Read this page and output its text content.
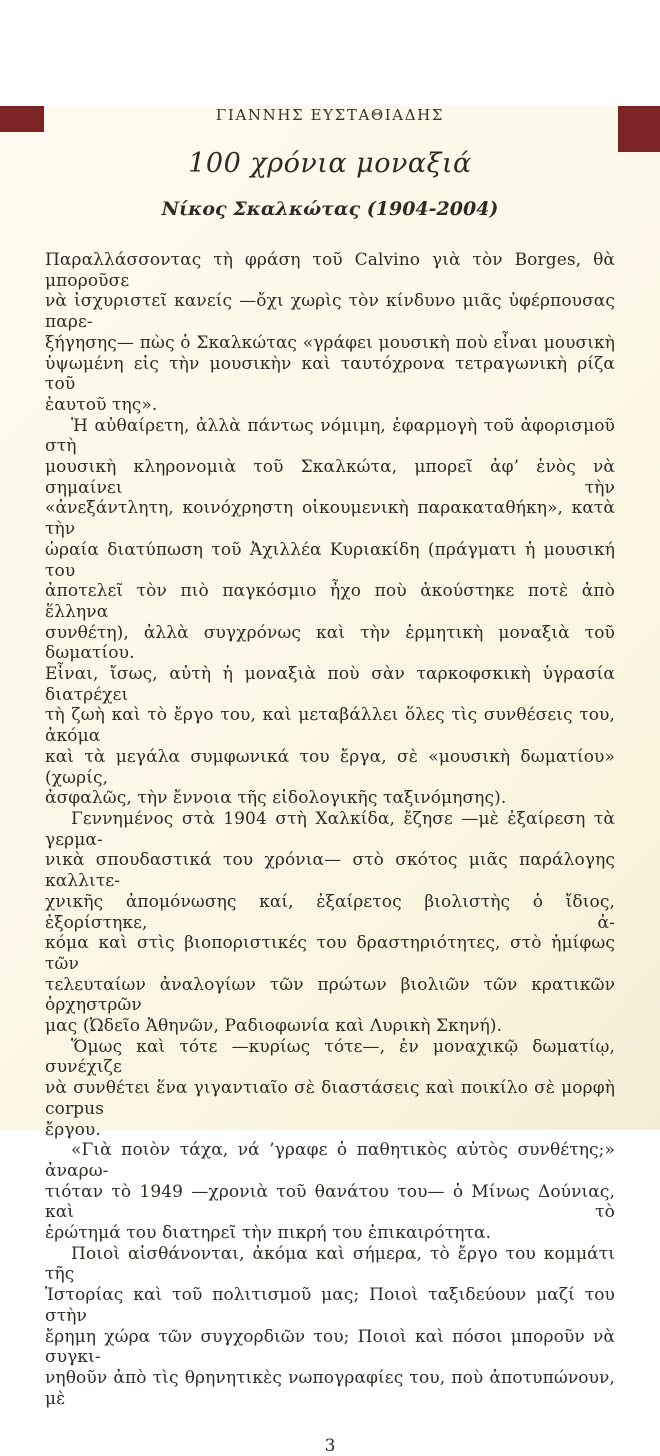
ΓΙΑΝΝΗΣ ΕΥΣΤΑΘΙΑΔΗΣ
100 χρόνια μοναξιά
Νίκος Σκαλκώτας (1904-2004)
Παραλλάσσοντας τὴ φράση τοῦ Calvino γιὰ τὸν Borges, θὰ μποροῦσε
νὰ ἰσχυριστεῖ κανείς —ὄχι χωρὶς τὸν κίνδυνο μιᾶς ὑφέρπουσας παρε-
ξήγησης— πὼς ὁ Σκαλκώτας «γράφει μουσικὴ ποὺ εἶναι μουσικὴ
ὑψωμένη εἰς τὴν μουσικὴν καὶ ταυτόχρονα τετραγωνικὴ ρίζα τοῦ
ἑαυτοῦ της».
Ἡ αὐθαίρετη, ἀλλὰ πάντως νόμιμη, ἐφαρμογὴ τοῦ ἀφορισμοῦ στὴ
μουσικὴ κληρονομιὰ τοῦ Σκαλκώτα, μπορεῖ ἀφ’ ἑνὸς νὰ σημαίνει τὴν
«ἀνεξάντλητη, κοινόχρηστη οἰκουμενικὴ παρακαταθήκη», κατὰ τὴν
ὡραία διατύπωση τοῦ Ἀχιλλέα Κυριακίδη (πράγματι ἡ μουσική του
ἀποτελεῖ τὸν πιὸ παγκόσμιο ἦχο ποὺ ἀκούστηκε ποτὲ ἀπὸ ἕλληνα
συνθέτη), ἀλλὰ συγχρόνως καὶ τὴν ἑρμητικὴ μοναξιὰ τοῦ δωματίου.
Εἶναι, ἴσως, αὐτὴ ἡ μοναξιὰ ποὺ σὰν ταρκοφσκικὴ ὑγρασία διατρέχει
τὴ ζωὴ καὶ τὸ ἔργο του, καὶ μεταβάλλει ὅλες τὶς συνθέσεις του, ἀκόμα
καὶ τὰ μεγάλα συμφωνικά του ἔργα, σὲ «μουσικὴ δωματίου» (χωρίς,
ἀσφαλῶς, τὴν ἔννοια τῆς εἰδολογικῆς ταξινόμησης).
Γεννημένος στὰ 1904 στὴ Χαλκίδα, ἔζησε —μὲ ἐξαίρεση τὰ γερμα-
νικὰ σπουδαστικά του χρόνια— στὸ σκότος μιᾶς παράλογης καλλιτε-
χνικῆς ἀπομόνωσης καί, ἐξαίρετος βιολιστὴς ὁ ἴδιος, ἐξορίστηκε, ἀ-
κόμα καὶ στὶς βιοποριστικές του δραστηριότητες, στὸ ἡμίφως τῶν
τελευταίων ἀναλογίων τῶν πρώτων βιολιῶν τῶν κρατικῶν ὀρχηστρῶν
μας (Ὠδεῖο Ἀθηνῶν, Ραδιοφωνία καὶ Λυρικὴ Σκηνή).
Ὅμως καὶ τότε —κυρίως τότε—, ἐν μοναχικῷ δωματίῳ, συνέχιζε
νὰ συνθέτει ἕνα γιγαντιαῖο σὲ διαστάσεις καὶ ποικίλο σὲ μορφὴ corpus
ἔργου.
«Γιὰ ποιὸν τάχα, νά ’γραφε ὁ παθητικὸς αὐτὸς συνθέτης;» ἀναρω-
τιόταν τὸ 1949 —χρονιὰ τοῦ θανάτου του— ὁ Μίνως Δούνιας, καὶ τὸ
ἐρώτημά του διατηρεῖ τὴν πικρή του ἐπικαιρότητα.
Ποιοὶ αἰσθάνονται, ἀκόμα καὶ σήμερα, τὸ ἔργο του κομμάτι τῆς
Ἱστορίας καὶ τοῦ πολιτισμοῦ μας; Ποιοὶ ταξιδεύουν μαζί του στὴν
ἔρημη χώρα τῶν συγχορδιῶν του; Ποιοὶ καὶ πόσοι μποροῦν νὰ συγκι-
νηθοῦν ἀπὸ τὶς θρηνητικὲς νωπογραφίες του, ποὺ ἀποτυπώνουν, μὲ
3
